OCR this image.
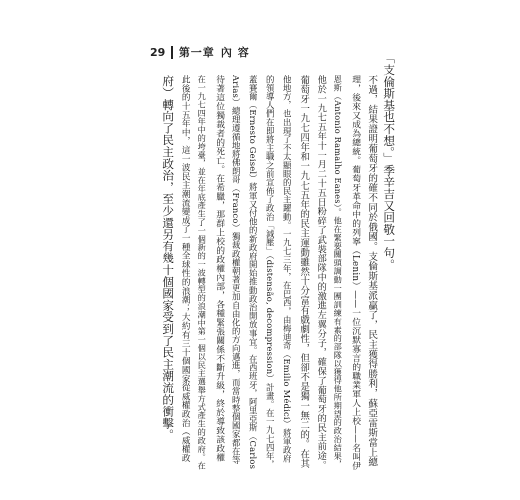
29 第一章 內容	「支倫斯基也不想。」季辛吉又回敬一句。
不過，結果證明葡萄牙的確不同於俄國。支倫斯基派贏了，民主獲得勝利，蘇亞雷斯當上總
理，後來又成為總統。葡萄牙革命中的列寧（Lenin）——一位沉默寡言的職業軍人上校——名叫伊
恩斯（Antonio Ramalho Eanes）。他在緊要關頭調動一團訓練有素的部隊以獲得他所期望的政治結果，
他於一九七五年十一月二十五日粉碎了武裝部隊中的激進左翼分子，確保了葡萄牙的民主前途。
葡萄牙一九七四年和一九七五年的民主運動雖然十分富有戲劇性，但卻不是獨一無二的。在其
他地方，也出現了不太顯眼的民主躍動。一九七三年，在巴西，由梅迪奇（Emilio Médici）將軍政府
的領導人們在即將主職之前宣佈了政治「減壓」（distensão, decompression）計畫。在一九七四年，
蓋賽爾（Ernesto Geisel）將軍又付他的新政府開始推動政治開放事宜。在西班牙，阿里亞斯（Carlos
Arias）總理遵循地將佛朗哥（Franco）獨裁政權朝著更加自由化的方向邁進，而當時整個國家都在等
待著這位獨裁者的死亡。在希臘，那群上校的政權內部，各種緊張關係不斷升級，終於導致該政權
在一九七四年中的垮臺，並在年底產生了一個新的一波轉型的浪潮中第一個以民主選舉方式產生的政府。在
此後的十五年中，這一波民主潮流變成了一種全球性的浪潮；大約有三十個國家從威權政治（威權政
府）轉向了民主政治，至少還另有幾十個國家受到了民主潮流的衝擊。
